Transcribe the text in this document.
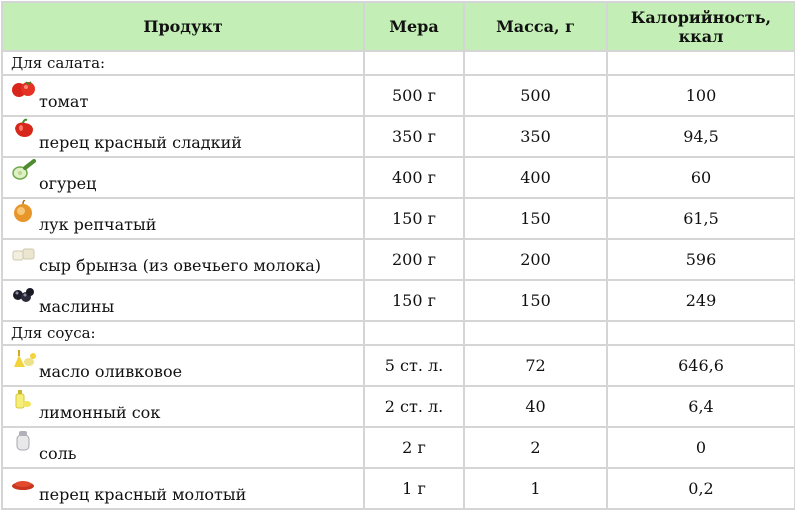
Продукт	Мера	Масса, г	Калорийность, ккал
Для салата:			

томат	500 г	500	100

перец красный сладкий	350 г	350	94,5

огурец	400 г	400	60

лук репчатый	150 г	150	61,5

сыр брынза (из овечьего молока)	200 г	200	596

маслины	150 г	150	249
Для соуса:			

масло оливковое	5 ст. л.	72	646,6

лимонный сок	2 ст. л.	40	6,4

соль	2 г	2	0

перец красный молотый	1 г	1	0,2
